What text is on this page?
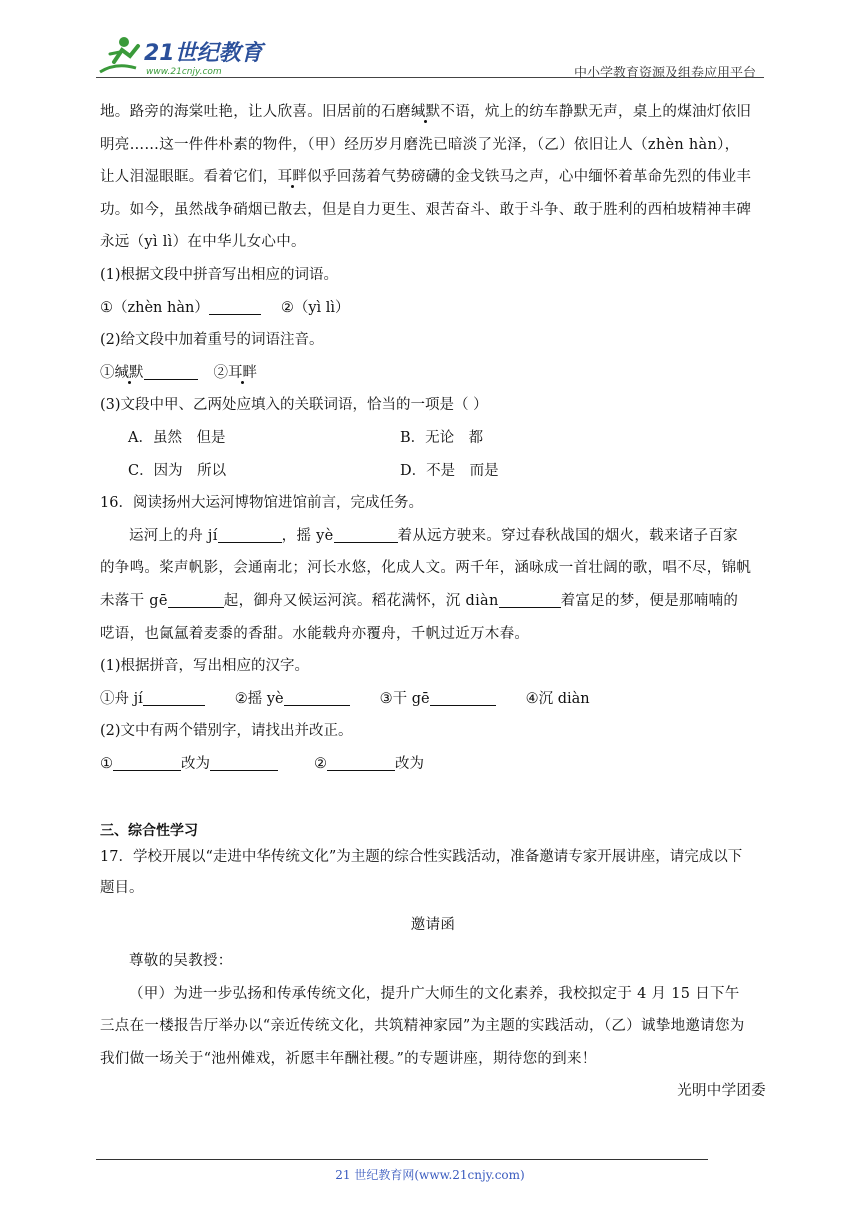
21世纪教育
www.21cnjy.com	中小学教育资源及组卷应用平台

地。路旁的海棠吐艳，让人欣喜。旧居前的石磨缄默不语，炕上的纺车静默无声，桌上的煤油灯依旧

明亮……这一件件朴素的物件，（甲）经历岁月磨洗已暗淡了光泽，（乙）依旧让人（zhèn hàn），

让人泪湿眼眶。看着它们，耳畔似乎回荡着气势磅礴的金戈铁马之声，心中缅怀着革命先烈的伟业丰

功。如今，虽然战争硝烟已散去，但是自力更生、艰苦奋斗、敢于斗争、敢于胜利的西柏坡精神丰碑

永远（yì lì）在中华儿女心中。

(1)根据文段中拼音写出相应的词语。

①（zhèn hàn）	②（yì lì）

(2)给文段中加着重号的词语注音。

①缄默	②耳畔

(3)文段中甲、乙两处应填入的关联词语，恰当的一项是（ ）

A．虽然　但是	B．无论　都
C．因为　所以	D．不是　而是

16．阅读扬州大运河博物馆进馆前言，完成任务。

运河上的舟 jí	，摇 yè	着从远方驶来。穿过春秋战国的烟火，载来诸子百家

的争鸣。桨声帆影，会通南北；河长水悠，化成人文。两千年，涵咏成一首壮阔的歌，唱不尽，锦帆

未落干 gē	起，御舟又候运河滨。稻花满怀，沉 diàn	着富足的梦，便是那喃喃的

呓语，也氤氲着麦黍的香甜。水能载舟亦覆舟，千帆过近万木春。

(1)根据拼音，写出相应的汉字。

①舟 jí	②摇 yè	③干 gē	④沉 diàn

(2)文中有两个错别字，请找出并改正。

①	改为	②	改为

三、综合性学习

17．学校开展以“走进中华传统文化”为主题的综合性实践活动，准备邀请专家开展讲座，请完成以下

题目。

邀请函

尊敬的吴教授：

（甲）为进一步弘扬和传承传统文化，提升广大师生的文化素养，我校拟定于 4 月 15 日下午

三点在一楼报告厅举办以“亲近传统文化，共筑精神家园”为主题的实践活动，（乙）诚挚地邀请您为

我们做一场关于“池州傩戏，祈愿丰年酬社稷。”的专题讲座，期待您的到来！

光明中学团委

21 世纪教育网(www.21cnjy.com)
